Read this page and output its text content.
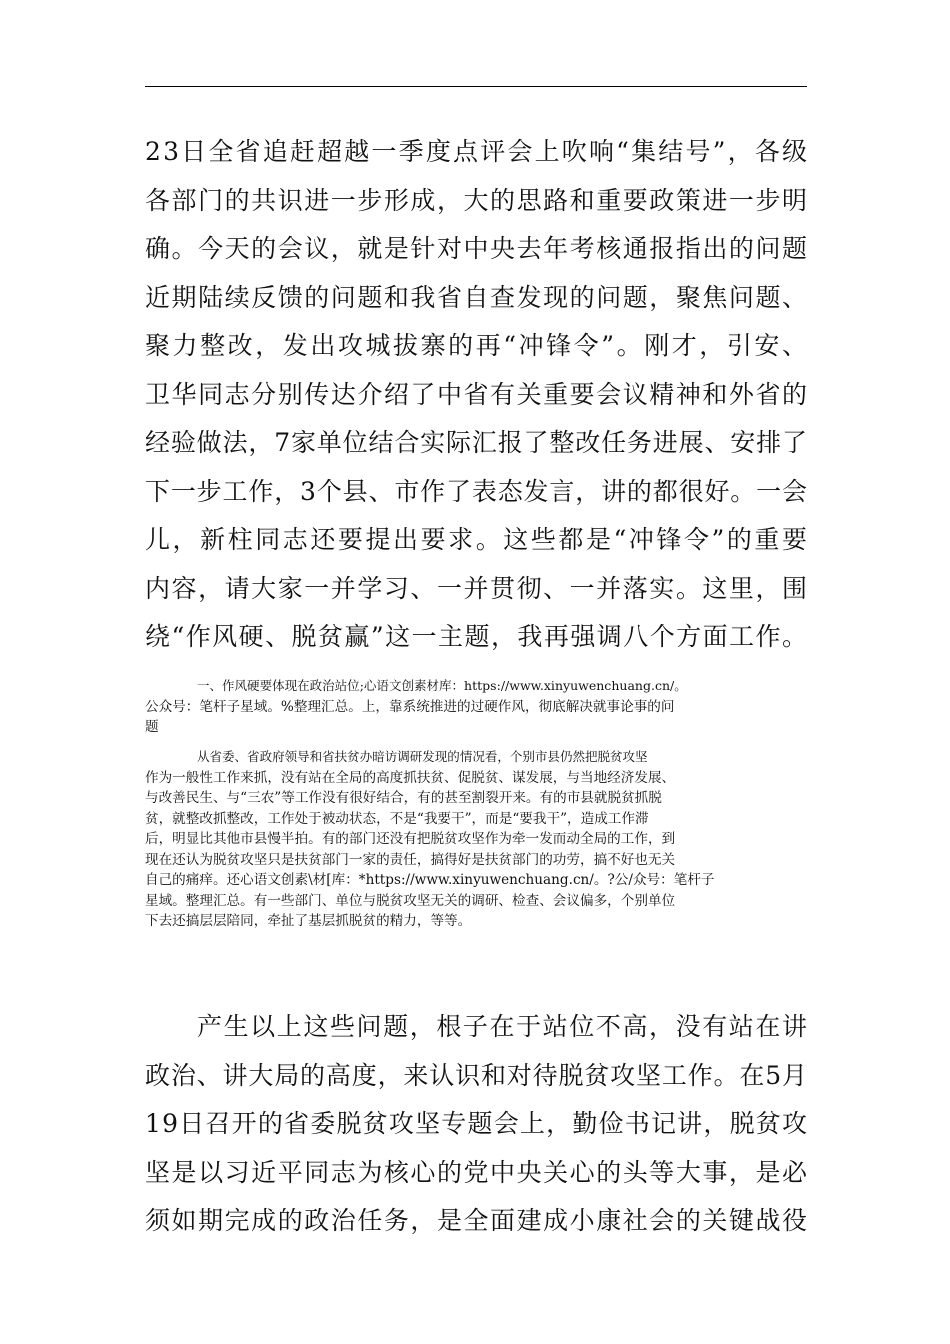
23日全省追赶超越一季度点评会上吹响“集结号”，各级
各部门的共识进一步形成，大的思路和重要政策进一步明
确。今天的会议，就是针对中央去年考核通报指出的问题
近期陆续反馈的问题和我省自查发现的问题，聚焦问题、
聚力整改，发出攻城拔寨的再“冲锋令”。刚才，引安、
卫华同志分别传达介绍了中省有关重要会议精神和外省的
经验做法，7家单位结合实际汇报了整改任务进展、安排了
下一步工作，3个县、市作了表态发言，讲的都很好。一会
儿，新柱同志还要提出要求。这些都是“冲锋令”的重要
内容，请大家一并学习、一并贯彻、一并落实。这里，围
绕“作风硬、脱贫赢”这一主题，我再强调八个方面工作。
一、作风硬要体现在政治站位;心语文创素材库：https://www.xinyuwenchuang.cn/。
公众号：笔杆子星域。%整理汇总。上，靠系统推进的过硬作风，彻底解决就事论事的问
题
从省委、省政府领导和省扶贫办暗访调研发现的情况看，个别市县仍然把脱贫攻坚
作为一般性工作来抓，没有站在全局的高度抓扶贫、促脱贫、谋发展，与当地经济发展、
与改善民生、与“三农”等工作没有很好结合，有的甚至割裂开来。有的市县就脱贫抓脱
贫，就整改抓整改，工作处于被动状态，不是“我要干”，而是“要我干”，造成工作滞
后，明显比其他市县慢半拍。有的部门还没有把脱贫攻坚作为牵一发而动全局的工作，到
现在还认为脱贫攻坚只是扶贫部门一家的责任，搞得好是扶贫部门的功劳，搞不好也无关
自己的痛痒。还心语文创素\材[库：*https://www.xinyuwenchuang.cn/。?公/众号：笔杆子
星域。整理汇总。有一些部门、单位与脱贫攻坚无关的调研、检查、会议偏多，个别单位
下去还搞层层陪同，牵扯了基层抓脱贫的精力，等等。
产生以上这些问题，根子在于站位不高，没有站在讲
政治、讲大局的高度，来认识和对待脱贫攻坚工作。在5月
19日召开的省委脱贫攻坚专题会上，勤俭书记讲，脱贫攻
坚是以习近平同志为核心的党中央关心的头等大事，是必
须如期完成的政治任务，是全面建成小康社会的关键战役
